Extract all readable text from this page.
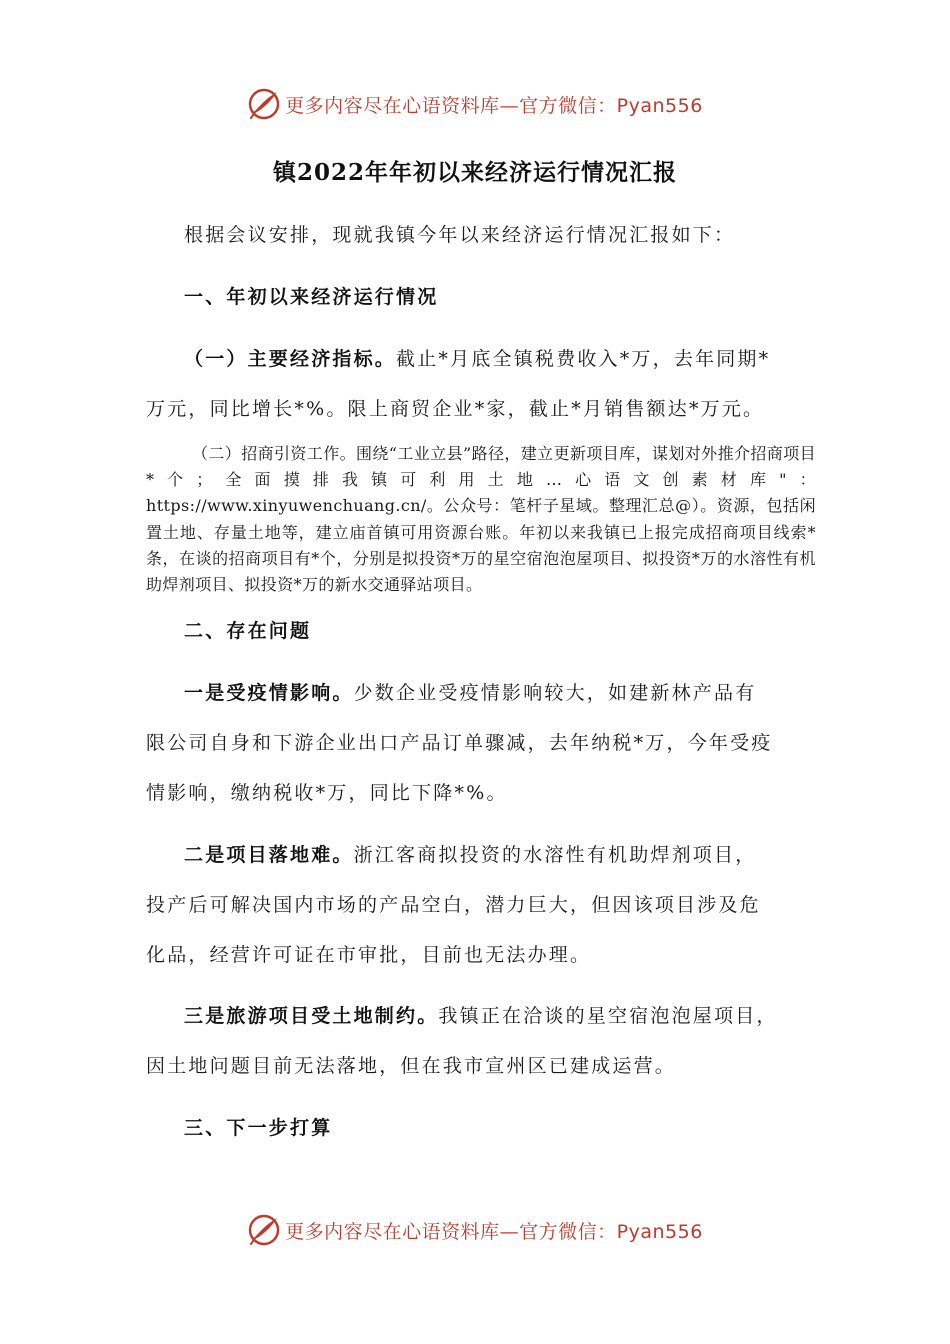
更多内容尽在心语资料库—官方微信：Pyan556
镇2022年年初以来经济运行情况汇报
根据会议安排，现就我镇今年以来经济运行情况汇报如下：
一、年初以来经济运行情况
（一）主要经济指标。截止*月底全镇税费收入*万，去年同期*
万元，同比增长*%。限上商贸企业*家，截止*月销售额达*万元。
（二）招商引资工作。围绕“工业立县”路径，建立更新项目库，谋划对外推介招商项目*个；全面摸排我镇可利用土地…心语文创素材库"：https://www.xinyuwenchuang.cn/。公众号：笔杆子星域。整理汇总@）。资源，包括闲置土地、存量土地等，建立庙首镇可用资源台账。年初以来我镇已上报完成招商项目线索*条，在谈的招商项目有*个，分别是拟投资*万的星空宿泡泡屋项目、拟投资*万的水溶性有机助焊剂项目、拟投资*万的新水交通驿站项目。
二、存在问题
一是受疫情影响。少数企业受疫情影响较大，如建新林产品有
限公司自身和下游企业出口产品订单骤减，去年纳税*万，今年受疫
情影响，缴纳税收*万，同比下降*%。
二是项目落地难。浙江客商拟投资的水溶性有机助焊剂项目，
投产后可解决国内市场的产品空白，潜力巨大，但因该项目涉及危
化品，经营许可证在市审批，目前也无法办理。
三是旅游项目受土地制约。我镇正在洽谈的星空宿泡泡屋项目，
因土地问题目前无法落地，但在我市宣州区已建成运营。
三、下一步打算
更多内容尽在心语资料库—官方微信：Pyan556
